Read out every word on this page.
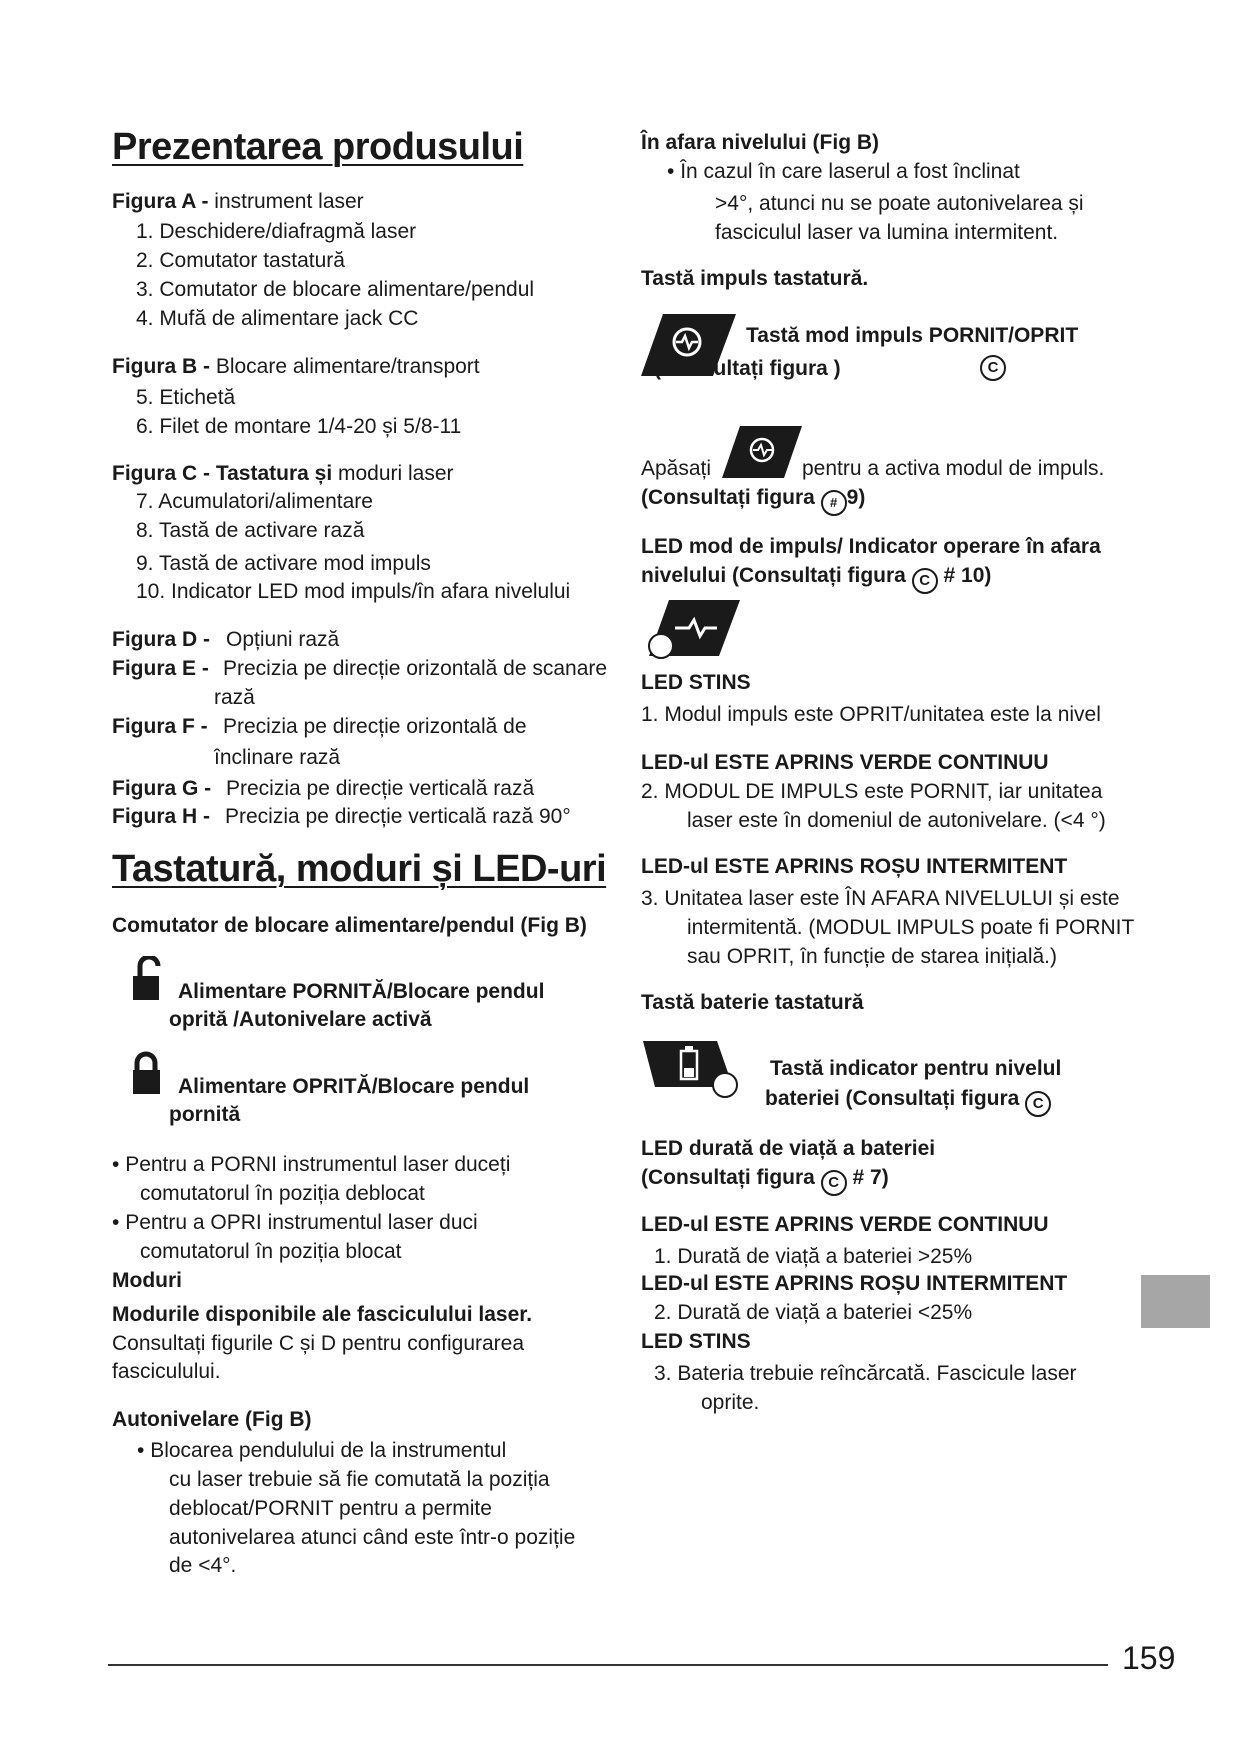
Prezentarea produsului
Figura A - instrument laser
1. Deschidere/diafragmă laser
2. Comutator tastatură
3. Comutator de blocare alimentare/pendul
4. Mufă de alimentare jack CC
Figura B - Blocare alimentare/transport
5. Etichetă
6. Filet de montare 1/4-20 și 5/8-11
Figura C - Tastatura și moduri laser
7. Acumulatori/alimentare
8. Tastă de activare rază
9. Tastă de activare mod impuls
10. Indicator LED mod impuls/în afara nivelului
Figura D - Opțiuni rază
Figura E - Precizia pe direcție orizontală de scanare
rază
Figura F - Precizia pe direcție orizontală de
înclinare rază
Figura G - Precizia pe direcție verticală rază
Figura H - Precizia pe direcție verticală rază 90°
Tastatură, moduri și LED-uri
Comutator de blocare alimentare/pendul (Fig B)
Alimentare PORNITĂ/Blocare pendul
oprită /Autonivelare activă
Alimentare OPRITĂ/Blocare pendul
pornită
• Pentru a PORNI instrumentul laser duceți
comutatorul în poziția deblocat
• Pentru a OPRI instrumentul laser duci
comutatorul în poziția blocat
Moduri
Modurile disponibile ale fasciculului laser.
Consultați figurile C și D pentru configurarea
fasciculului.
Autonivelare (Fig B)
• Blocarea pendulului de la instrumentul
cu laser trebuie să fie comutată la poziția
deblocat/PORNIT pentru a permite
autonivelarea atunci când este într-o poziție
de <4°.
În afara nivelului (Fig B)
• În cazul în care laserul a fost înclinat
>4°, atunci nu se poate autonivelarea și
fasciculul laser va lumina intermitent.
Tastă impuls tastatură.
Tastă mod impuls PORNIT/OPRIT
(Consultați figura )	C
Apăsați	pentru a activa modul de impuls.
(Consultați figura # 9)
LED mod de impuls/ Indicator operare în afara
nivelului (Consultați figura C # 10)
LED STINS
1. Modul impuls este OPRIT/unitatea este la nivel
LED-ul ESTE APRINS VERDE CONTINUU
2. MODUL DE IMPULS este PORNIT, iar unitatea
laser este în domeniul de autonivelare. (<4 °)
LED-ul ESTE APRINS ROȘU INTERMITENT
3. Unitatea laser este ÎN AFARA NIVELULUI și este
intermitentă. (MODUL IMPULS poate fi PORNIT
sau OPRIT, în funcție de starea inițială.)
Tastă baterie tastatură
Tastă indicator pentru nivelul
bateriei (Consultați figura C
LED durată de viață a bateriei
(Consultați figura C # 7)
LED-ul ESTE APRINS VERDE CONTINUU
1. Durată de viață a bateriei >25%
LED-ul ESTE APRINS ROȘU INTERMITENT
2. Durată de viață a bateriei <25%
LED STINS
3. Bateria trebuie reîncărcată. Fascicule laser
oprite.
159
